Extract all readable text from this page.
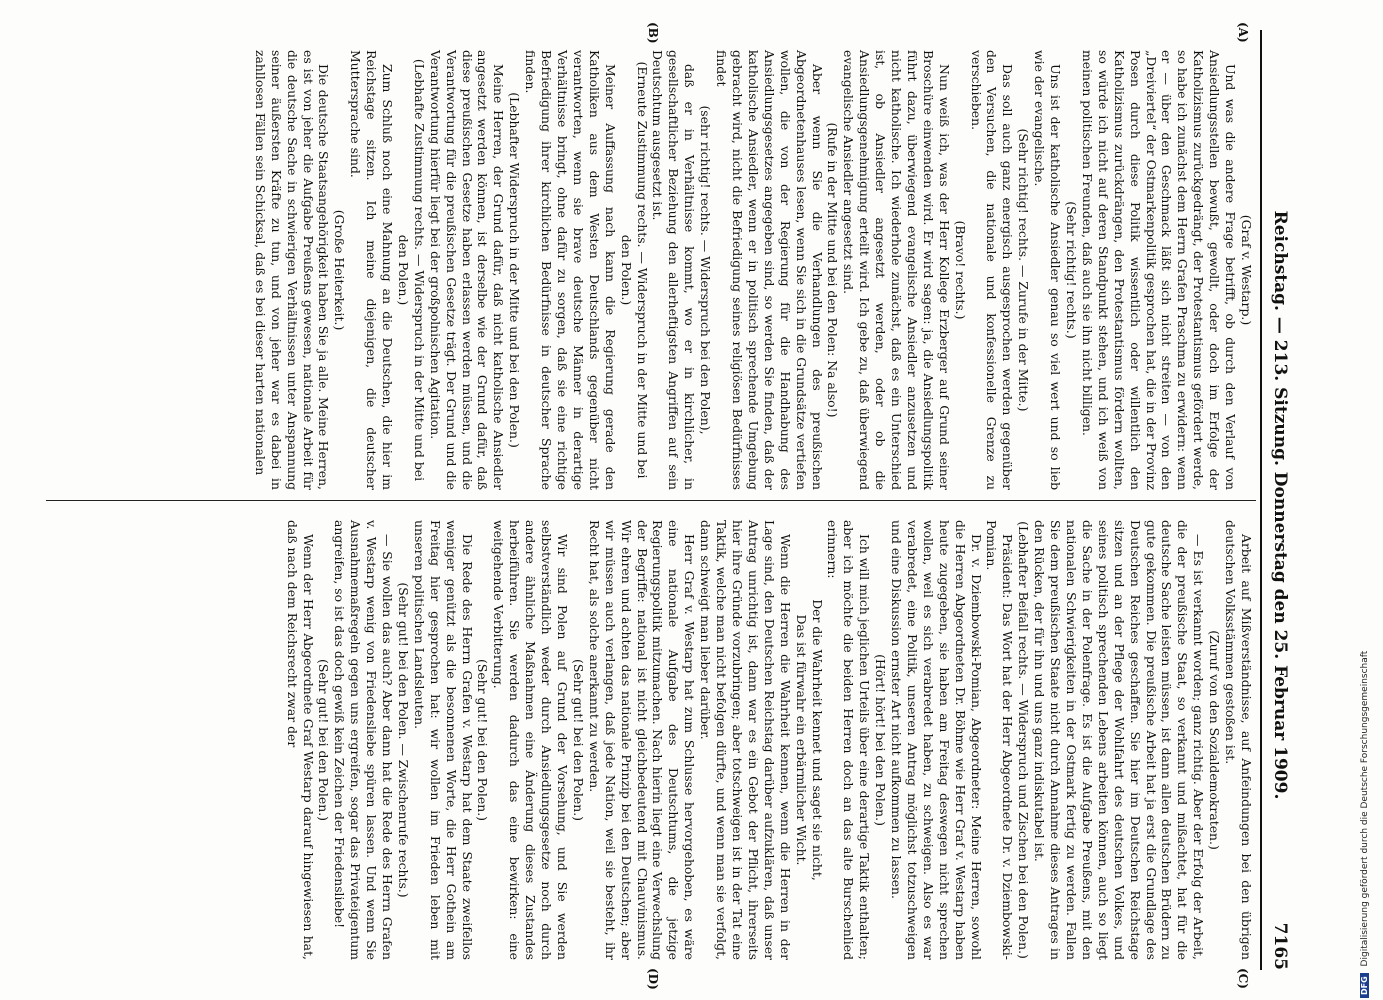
Reichstag. — 213. Sitzung. Donnerstag den 25. Februar 1909.
7165
(A)
(B)
(C)
(D)

(Graf v. Westarp.)

Und was die andere Frage betrifft, ob durch den Verlauf von Ansiedlungsstellen bewußt, gewollt, oder doch im Erfolge der Katholizismus zurückgedrängt, der Protestantismus gefördert werde, so habe ich zunächst dem Herrn Grafen Praschma zu erwidern: wenn er — über den Geschmack läßt sich nicht streiten — von den „Dreiviertel“ der Ostmarkenpolitik gesprochen hat, die in der Provinz Posen durch diese Politik wissentlich oder willentlich den Katholizismus zurückdrängen, den Protestantismus fördern wollten, so würde ich nicht auf deren Standpunkt stehen, und ich weiß von meinen politischen Freunden, daß auch sie ihn nicht billigen.

(Sehr richtig! rechts.)

Uns ist der katholische Ansiedler genau so viel wert und so lieb wie der evangelische.

(Sehr richtig! rechts. — Zurufe in der Mitte.)

Das soll auch ganz energisch ausgesprochen werden gegenüber den Versuchen, die nationale und konfessionelle Grenze zu verschieben.

(Bravo! rechts.)

Nun weiß ich, was der Herr Kollege Erzberger auf Grund seiner Broschüre einwenden wird. Er wird sagen: ja, die Ansiedlungspolitik führt dazu, überwiegend evangelische Ansiedler anzusetzen und nicht katholische. Ich wiederhole zunächst, daß es ein Unterschied ist, ob Ansiedler angesetzt werden, oder ob die Ansiedlungsgenehmigung erteilt wird. Ich gebe zu, daß überwiegend evangelische Ansiedler angesetzt sind.

(Rufe in der Mitte und bei den Polen: Na also!)

Aber wenn Sie die Verhandlungen des preußischen Abgeordnetenhauses lesen, wenn Sie sich in die Grundsätze vertiefen wollen, die von der Regierung für die Handhabung des Ansiedlungsgesetzes angegeben sind, so werden Sie finden, daß der katholische Ansiedler, wenn er in politisch sprechende Umgebung gebracht wird, nicht die Befriedigung seines religiösen Bedürfnisses findet

(sehr richtig! rechts. — Widerspruch bei den Polen),

daß er in Verhältnisse kommt, wo er in kirchlicher, in gesellschaftlicher Beziehung den allerheftigsten Angriffen auf sein Deutschtum ausgesetzt ist.

(Erneute Zustimmung rechts. — Widerspruch in der Mitte und bei den Polen.)

Meiner Auffassung nach kann die Regierung gerade den Katholiken aus dem Westen Deutschlands gegenüber nicht verantworten, wenn sie brave deutsche Männer in derartige Verhältnisse bringt, ohne dafür zu sorgen, daß sie eine richtige Befriedigung ihrer kirchlichen Bedürfnisse in deutscher Sprache finden.

(Lebhafter Widerspruch in der Mitte und bei den Polen.)

Meine Herren, der Grund dafür, daß nicht katholische Ansiedler angesetzt werden können, ist derselbe wie der Grund dafür, daß diese preußischen Gesetze haben erlassen werden müssen, und die Verantwortung für die preußischen Gesetze trägt. Der Grund und die Verantwortung hierfür liegt bei der großpolnischen Agitation.

(Lebhafte Zustimmung rechts. — Widerspruch in der Mitte und bei den Polen.)

Zum Schluß noch eine Mahnung an die Deutschen, die hier im Reichstage sitzen. Ich meine diejenigen, die deutscher Muttersprache sind.

(Große Heiterkeit.)

Die deutsche Staatsangehörigkeit haben Sie ja alle. Meine Herren, es ist von jeher die Aufgabe Preußens gewesen, nationale Arbeit für die deutsche Sache in schwierigen Verhältnissen unter Anspannung seiner äußersten Kräfte zu tun, und von jeher war es dabei in zahllosen Fällen sein Schicksal, daß es bei dieser harten nationalen

Arbeit auf Mißverständnisse, auf Anfeindungen bei den übrigen deutschen Volksstämmen gestoßen ist.

(Zuruf von den Sozialdemokraten.)

— Es ist verkannt worden; ganz richtig. Aber der Erfolg der Arbeit, die der preußische Staat, so verkannt und mißachtet, hat für die deutsche Sache leisten müssen, ist dann allen deutschen Brüdern zu gute gekommen. Die preußische Arbeit hat ja erst die Grundlage des Deutschen Reiches geschaffen. Sie hier im Deutschen Reichstage sitzen und an der Pflege der Wohlfahrt des deutschen Volkes, und seines politisch sprechenden Lebens arbeiten können, auch so liegt die Sache in der Polenfrage. Es ist die Aufgabe Preußens, mit den nationalen Schwierigkeiten in der Ostmark fertig zu werden. Fallen Sie dem preußischen Staate nicht durch Annahme dieses Antrages in den Rücken, der für ihn und uns ganz indiskutabel ist.

(Lebhafter Beifall rechts. — Widerspruch und Zischen bei den Polen.)

Präsident: Das Wort hat der Herr Abgeordnete Dr. v. Dziembowski-Pomian.

Dr. v. Dziembowski-Pomian, Abgeordneter: Meine Herren, sowohl die Herren Abgeordneten Dr. Böhme wie Herr Graf v. Westarp haben heute zugegeben, sie haben am Freitag deswegen nicht sprechen wollen, weil es sich verabredet haben, zu schweigen. Also es war verabredet, eine Politik, unseren Antrag möglichst totzuschweigen und eine Diskussion ernster Art nicht aufkommen zu lassen.

(Hört! hört! bei den Polen.)

Ich will mich jeglichen Urteils über eine derartige Taktik enthalten; aber ich möchte die beiden Herren doch an das alte Burschenlied erinnern:

Der die Wahrheit kennet und saget sie nicht,

Das ist fürwahr ein erbärmlicher Wicht.

Wenn die Herren die Wahrheit kennen, wenn die Herren in der Lage sind, den Deutschen Reichstag darüber aufzuklären, daß unser Antrag unrichtig ist, dann war es ein Gebot der Pflicht, ihrerseits hier ihre Gründe vorzubringen; aber totschweigen ist in der Tat eine Taktik, welche man nicht befolgen dürfte, und wenn man sie verfolgt, dann schweigt man lieber darüber.

Herr Graf v. Westarp hat zum Schlusse hervorgehoben, es wäre eine nationale Aufgabe des Deutschtums, die jetzige Regierungspolitik mitzumachen. Nach hierin liegt eine Verwechslung der Begriffe: national ist nicht gleichbedeutend mit Chauvinismus. Wir ehren und achten das nationale Prinzip bei den Deutschen; aber wir müssen auch verlangen, daß jede Nation, weil sie besteht, ihr Recht hat, als solche anerkannt zu werden.

(Sehr gut! bei den Polen.)

Wir sind Polen auf Grund der Vorsehung, und Sie werden selbstverständlich weder durch Ansiedlungsgesetze noch durch andere ähnliche Maßnahmen eine Änderung dieses Zustandes herbeiführen. Sie werden dadurch das eine bewirken: eine weitgehende Verbitterung.

(Sehr gut! bei den Polen.)

Die Rede des Herrn Grafen v. Westarp hat dem Staate zweifellos weniger genützt als die besonnenen Worte, die Herr Gothein am Freitag hier gesprochen hat: wir wollen im Frieden leben mit unseren politischen Landsleuten.

(Sehr gut! bei den Polen. — Zwischenrufe rechts.)

— Sie wollen das auch? Aber dann hat die Rede des Herrn Grafen v. Westarp wenig von Friedensliebe spüren lassen. Und wenn Sie Ausnahmemaßregeln gegen uns ergreifen, sogar das Privateigentum angreifen, so ist das doch gewiß kein Zeichen der Friedensliebe!

(Sehr gut! bei den Polen.)

Wenn der Herr Abgeordnete Graf Westarp darauf hingewiesen hat, daß nach dem Reichsrecht zwar der

DFG Digitalisierung gefördert durch die Deutsche Forschungsgemeinschaft
